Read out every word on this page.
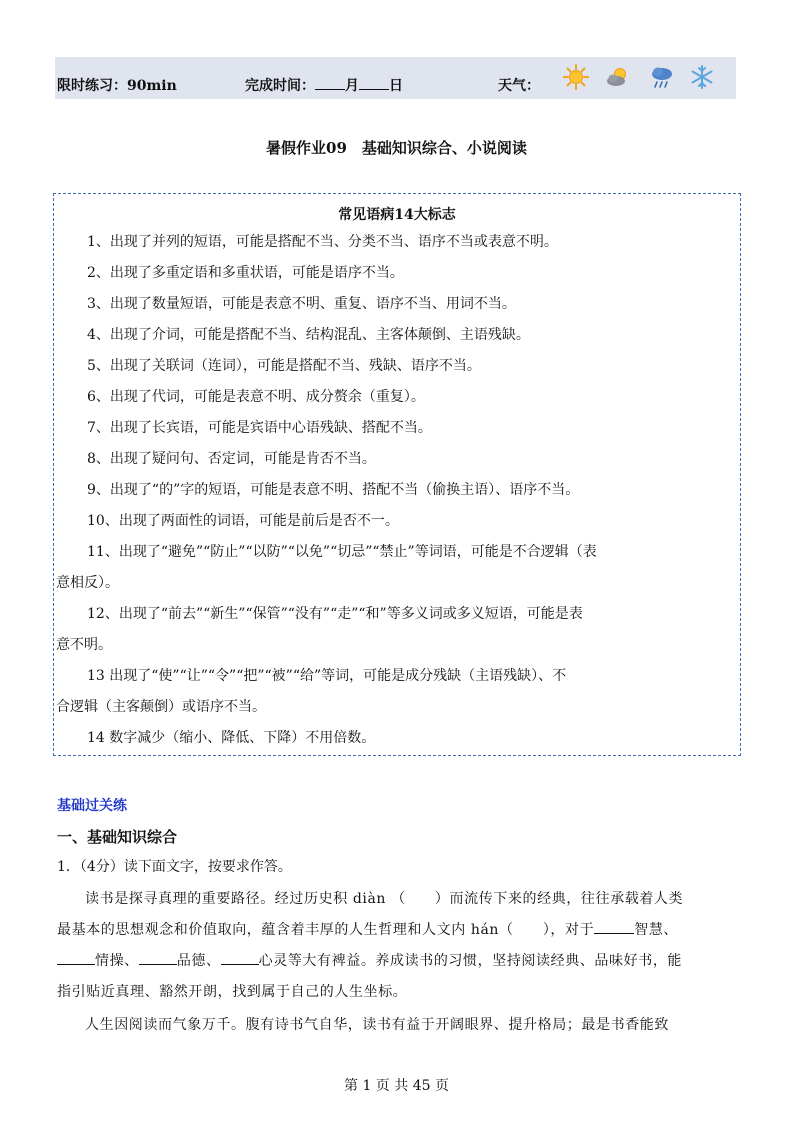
限时练习：90min	完成时间： 月 日	天气：
暑假作业09　基础知识综合、小说阅读
常见语病14大标志
1、出现了并列的短语，可能是搭配不当、分类不当、语序不当或表意不明。
2、出现了多重定语和多重状语，可能是语序不当。
3、出现了数量短语，可能是表意不明、重复、语序不当、用词不当。
4、出现了介词，可能是搭配不当、结构混乱、主客体颠倒、主语残缺。
5、出现了关联词（连词），可能是搭配不当、残缺、语序不当。
6、出现了代词，可能是表意不明、成分赘余（重复）。
7、出现了长宾语，可能是宾语中心语残缺、搭配不当。
8、出现了疑问句、否定词，可能是肯否不当。
9、出现了“的”字的短语，可能是表意不明、搭配不当（偷换主语）、语序不当。
10、出现了两面性的词语，可能是前后是否不一。
11、出现了“避免”“防止”“以防”“以免”“切忌”“禁止”等词语，可能是不合逻辑（表
意相反）。
12、出现了“前去”“新生”“保管”“没有”“走”“和”等多义词或多义短语，可能是表
意不明。
13 出现了“使”“让”“令”“把”“被”“给”等词，可能是成分残缺（主语残缺）、不
合逻辑（主客颠倒）或语序不当。
14 数字减少（缩小、降低、下降）不用倍数。
基础过关练
一、基础知识综合
1．（4分）读下面文字，按要求作答。
读书是探寻真理的重要路径。经过历史积 diàn （　　）而流传下来的经典，往往承载着人类
最基本的思想观念和价值取向，蕴含着丰厚的人生哲理和人文内 hán（　　），对于	智慧、
情操、	品德、	心灵等大有裨益。养成读书的习惯，坚持阅读经典、品味好书，能
指引贴近真理、豁然开朗，找到属于自己的人生坐标。
人生因阅读而气象万千。腹有诗书气自华，读书有益于开阔眼界、提升格局；最是书香能致
第 1 页 共 45 页
